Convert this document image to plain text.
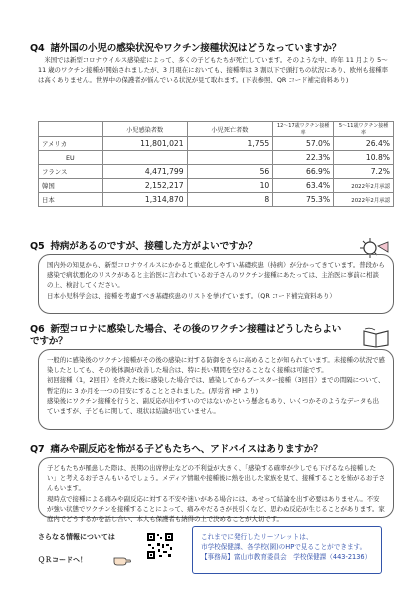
Q4 諸外国の小児の感染状況やワクチン接種状況はどうなっていますか？
米国では新型コロナウイルス感染症によって、多くの子どもたちが死亡しています。そのような中、昨年 11 月より 5～11 歳のワクチン接種が開始されましたが、3 月現在においても、接種率は 3 割以下で頭打ちの状況にあり、欧州も接種率は高くありません。世界中の保護者が悩んでいる状況が見て取れます。(下表参照、QR コード補完資料あり)
	小児感染者数	小児死亡者数	12～17歳ワクチン接種率	5～11歳ワクチン接種率
アメリカ	11,801,021	1,755	57.0%	26.4%
EU			22.3%	10.8%
フランス	4,471,799	56	66.9%	7.2%
韓国	2,152,217	10	63.4%	2022年2月承認
日本	1,314,870	8	75.3%	2022年2月承認
Q5 持病があるのですが、接種した方がよいですか？
国内外の知見から、新型コロナウイルスにかかると重症化しやすい基礎疾患（持病）が分かってきています。普段から感染で病状悪化のリスクがあると主治医に言われているお子さんのワクチン接種にあたっては、主治医に事前に相談の上、検討してください。
日本小児科学会は、接種を考慮すべき基礎疾患のリストを挙げています。（QR コード補完資料あり）
Q6 新型コロナに感染した場合、その後のワクチン接種はどうしたらよいですか？
一般的に感染後のワクチン接種がその後の感染に対する防御をさらに高めることが知られています。未接種の状況で感染したとしても、その後体調が改善した場合は、特に長い期間を空けることなく接種は可能です。
初回接種（1，2回目）を終えた後に感染した場合では、感染してからブースター接種（3回目）までの間隔について、暫定的に 3 か月を一つの目安にすることとされました。(厚労省 HP より)
感染後にワクチン接種を行うと、副反応が出やすいのではないかという懸念もあり、いくつかそのようなデータも出ていますが、子どもに関して、現状は結論が出ていません。
Q7 痛みや副反応を怖がる子どもたちへ、アドバイスはありますか？
子どもたちが罹患した際は、長期の出席停止などの不利益が大きく、「感染する確率が少しでも下げるなら接種したい」と考えるお子さんもいるでしょう。メディア情報や接種後に熱を出した家族を見て、接種することを怖がるお子さんもいます。
現時点で接種による痛みや副反応に対する不安や迷いがある場合には、あせって結論を出す必要はありません。不安が強い状態でワクチンを接種することによって、痛みやだるさが長引くなど、思わぬ反応が生じることがあります。家庭内でどうするかを話し合い、本人も保護者も納得の上で決めることが大切です。
さらなる情報については
ＱＲコードへ！
これまでに発行したリーフレットは、
市学校保健課、各学校(園)のHPで見ることができます。
【事務局】富山市教育委員会　学校保健課（443-2136）
